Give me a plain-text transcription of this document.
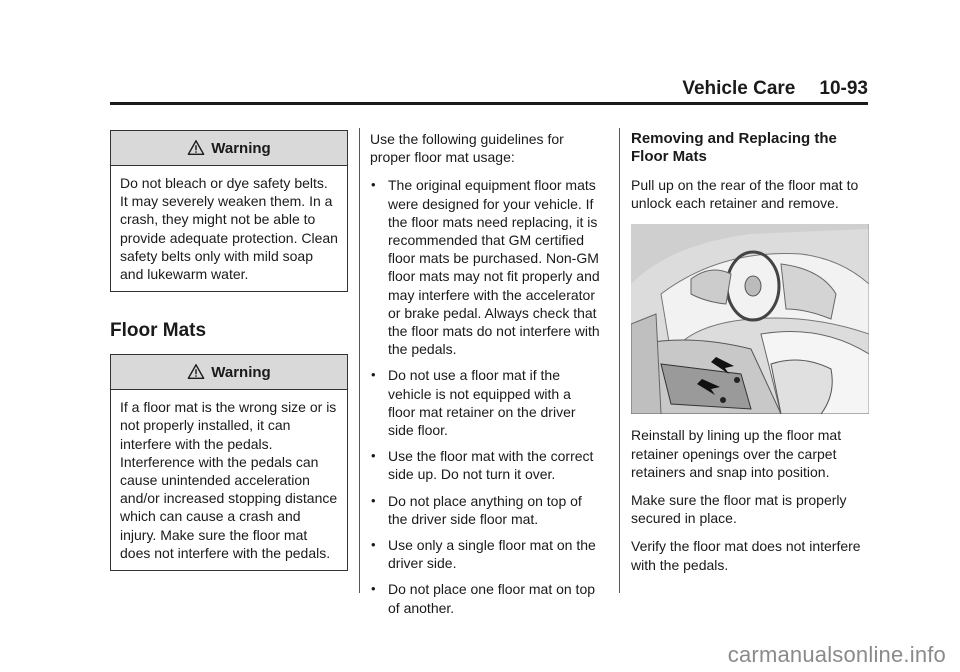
Vehicle Care 10-93
Warning
Do not bleach or dye safety belts. It may severely weaken them. In a crash, they might not be able to provide adequate protection. Clean safety belts only with mild soap and lukewarm water.
Floor Mats
Warning
If a floor mat is the wrong size or is not properly installed, it can interfere with the pedals. Interference with the pedals can cause unintended acceleration and/or increased stopping distance which can cause a crash and injury. Make sure the floor mat does not interfere with the pedals.

Use the following guidelines for proper floor mat usage:

• The original equipment floor mats were designed for your vehicle. If the floor mats need replacing, it is recommended that GM certified floor mats be purchased. Non-GM floor mats may not fit properly and may interfere with the accelerator or brake pedal. Always check that the floor mats do not interfere with the pedals.
• Do not use a floor mat if the vehicle is not equipped with a floor mat retainer on the driver side floor.
• Use the floor mat with the correct side up. Do not turn it over.
• Do not place anything on top of the driver side floor mat.
• Use only a single floor mat on the driver side.
• Do not place one floor mat on top of another.
Removing and Replacing the Floor Mats

Pull up on the rear of the floor mat to unlock each retainer and remove.

Reinstall by lining up the floor mat retainer openings over the carpet retainers and snap into position.

Make sure the floor mat is properly secured in place.

Verify the floor mat does not interfere with the pedals.

carmanualsonline.info
